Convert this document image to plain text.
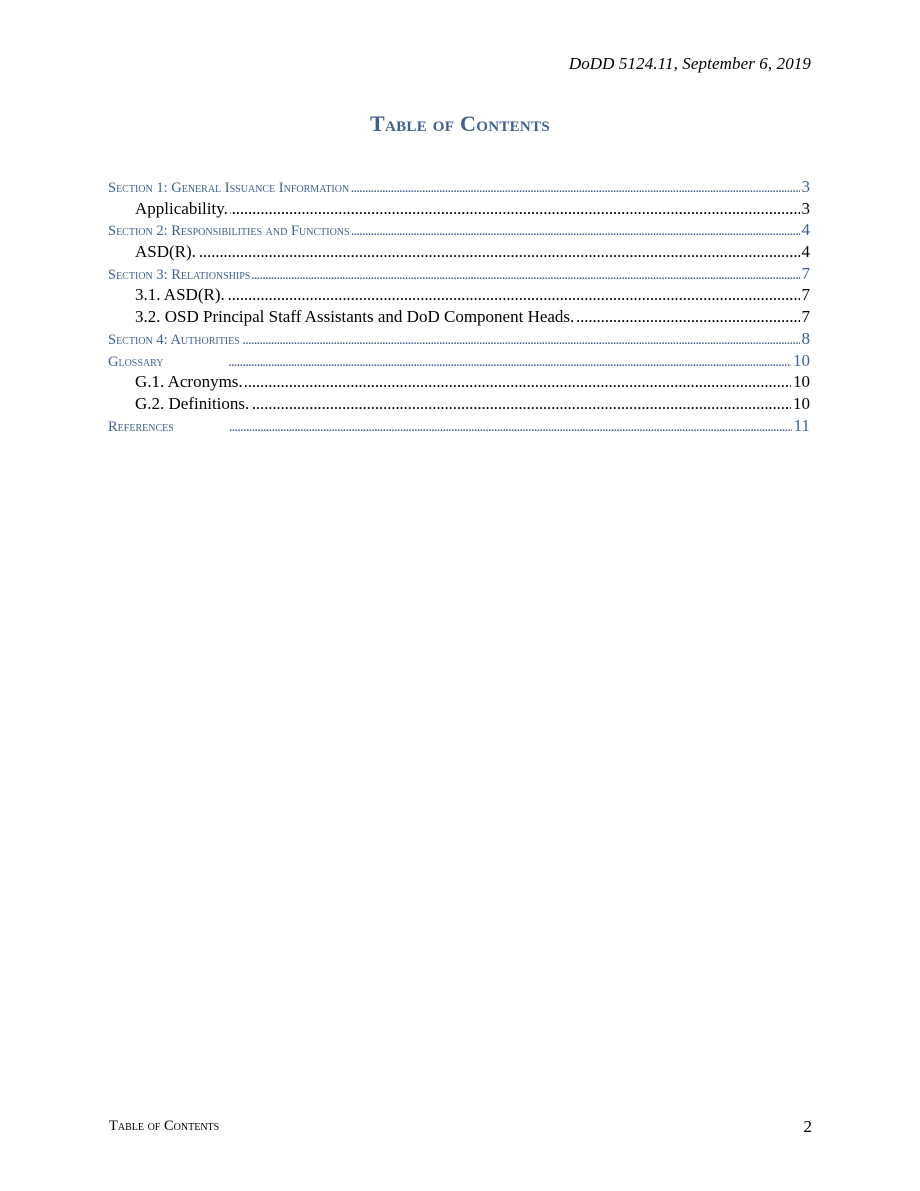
DoDD 5124.11, September 6, 2019
Table of Contents
Section 1: General Issuance Information . . .	3
Applicability. . . .	3
Section 2: Responsibilities and Functions . . .	4
ASD(R). . . .	4
Section 3: Relationships . . .	7
3.1. ASD(R). . . .	7
3.2. OSD Principal Staff Assistants and DoD Component Heads. . . .	7
Section 4: Authorities . . .	8
Glossary . . .	10
G.1. Acronyms. . . .	10
G.2. Definitions. . . .	10
References . . .	11
Table of Contents	2
